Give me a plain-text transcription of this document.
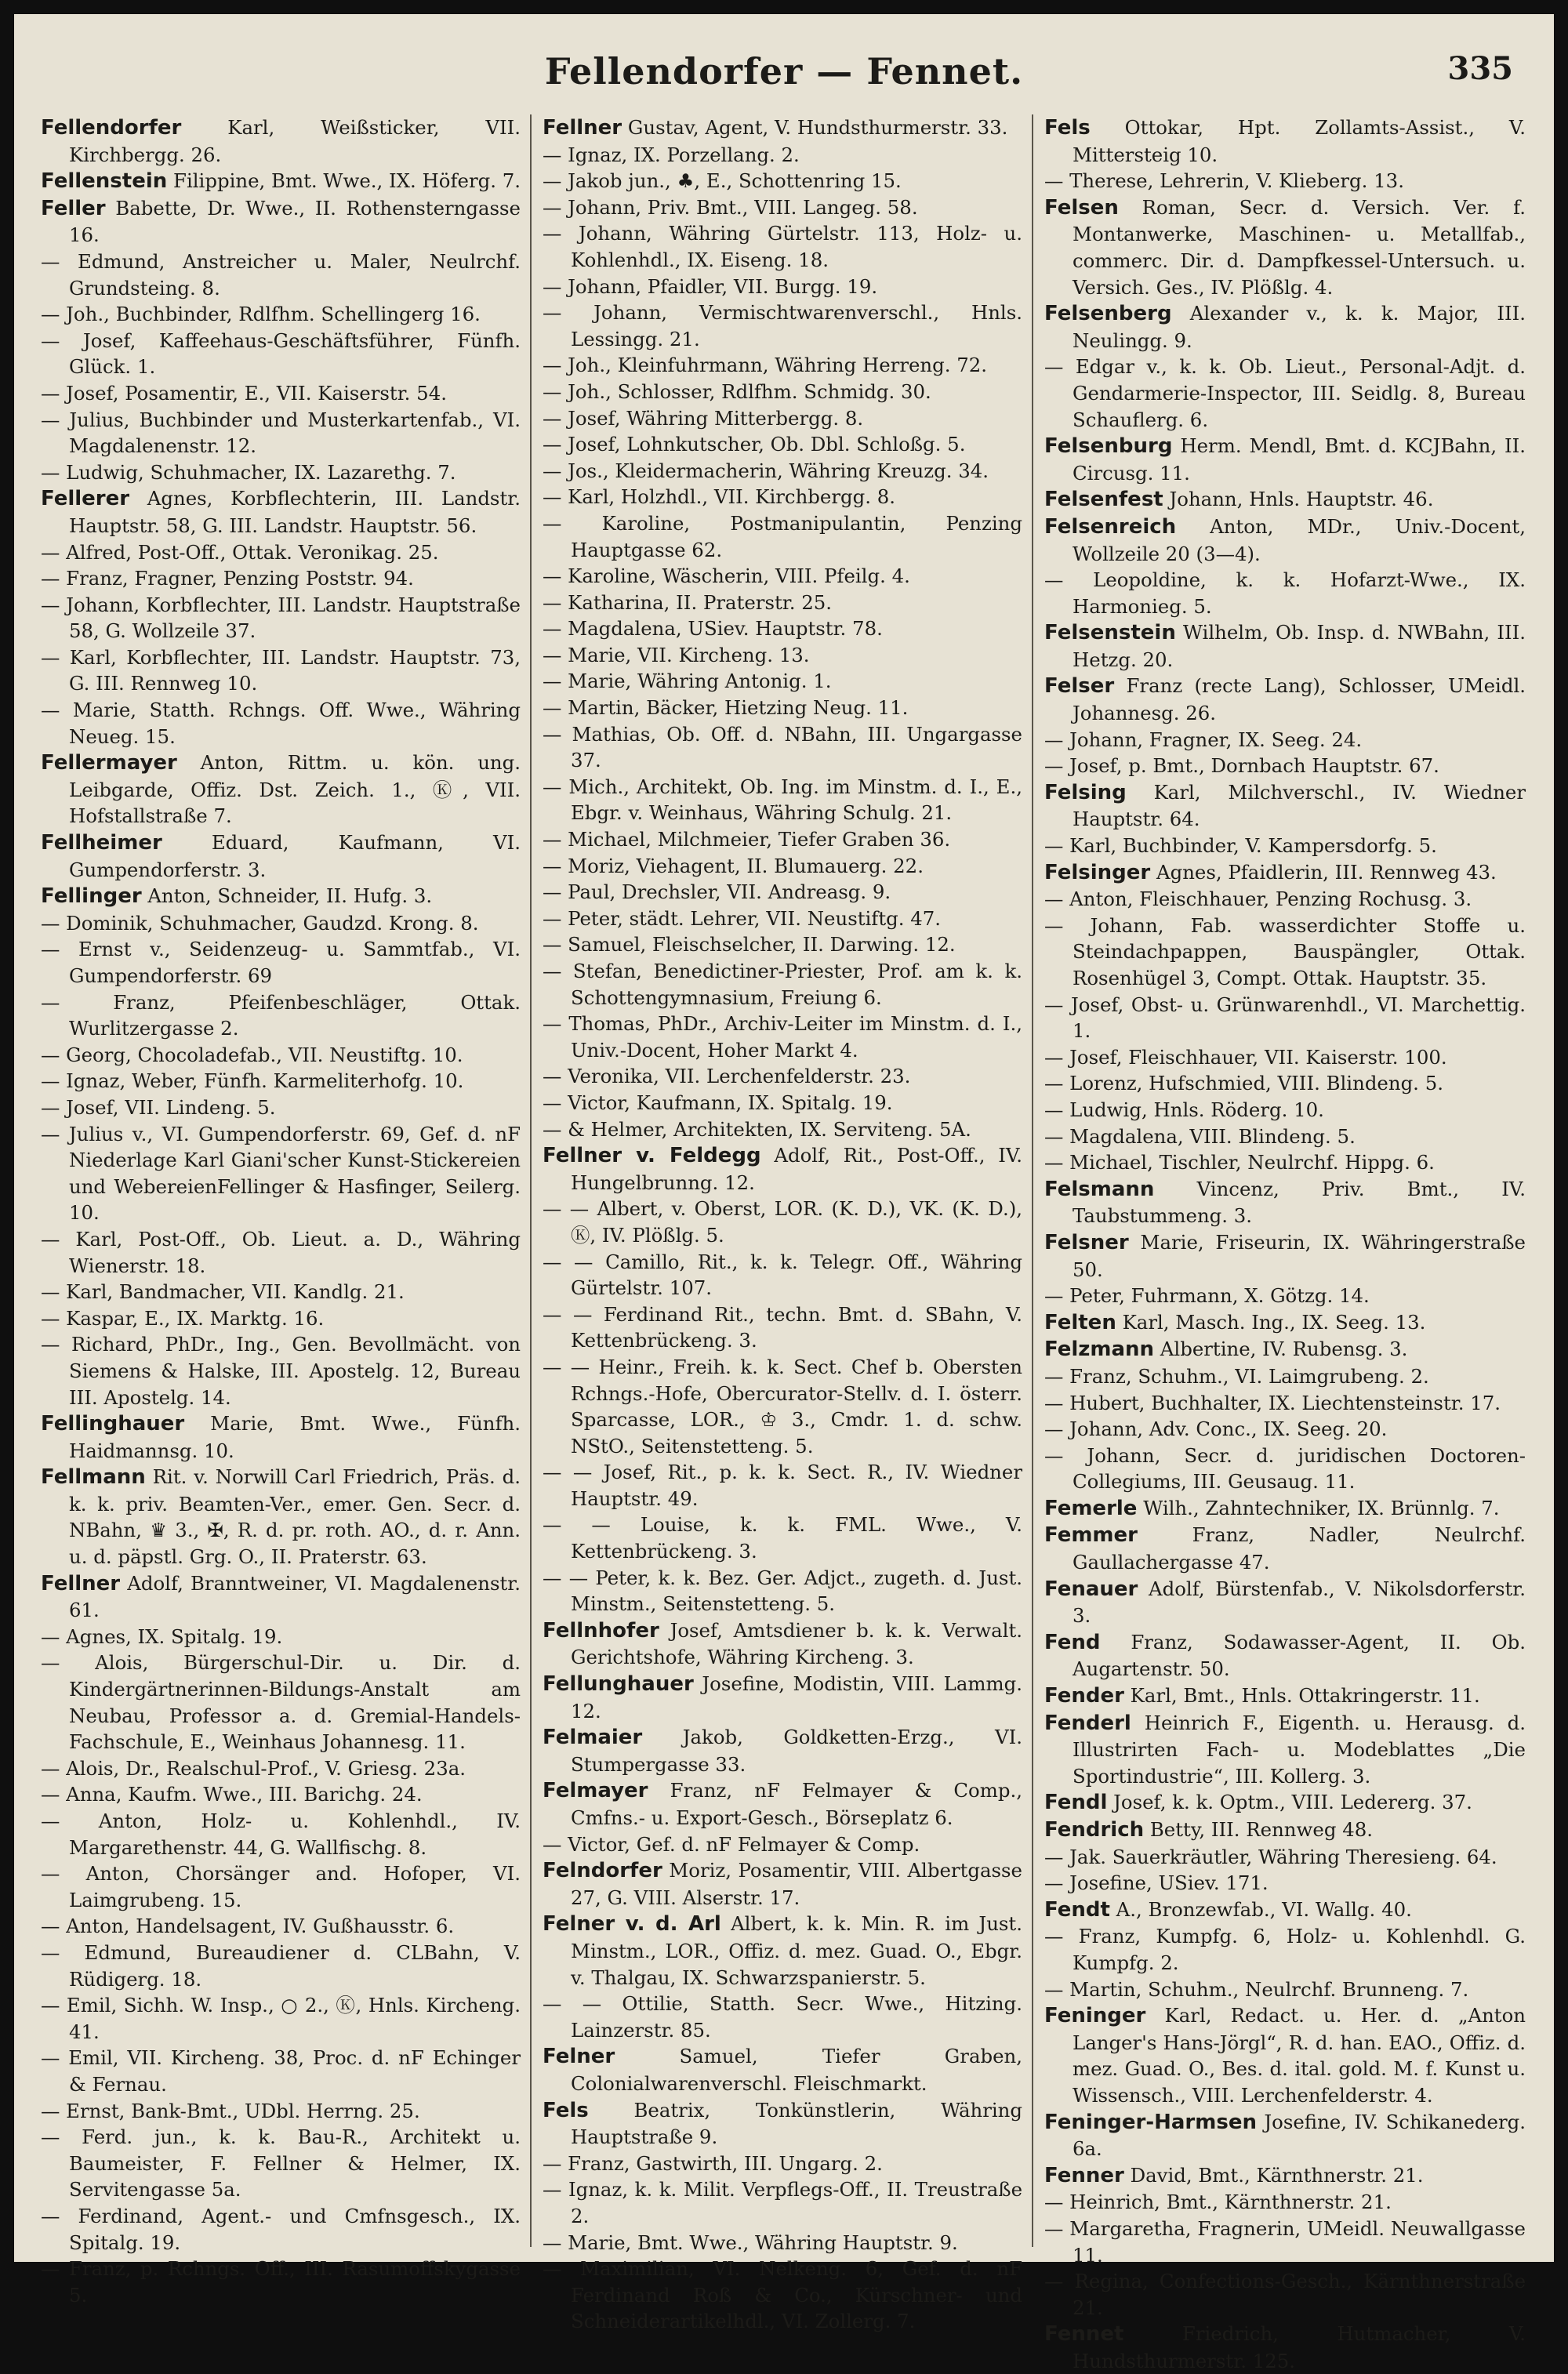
Fellendorfer — Fennet.	335
Fellendorfer Karl, Weißsticker, VII. Kirchbergg. 26.
Fellenstein Filippine, Bmt. Wwe., IX. Höferg. 7.
Feller Babette, Dr. Wwe., II. Rothensterngasse 16.
— Edmund, Anstreicher u. Maler, Neulrchf. Grundsteing. 8.
— Joh., Buchbinder, Rdlfhm. Schellingerg 16.
— Josef, Kaffeehaus-Geschäftsführer, Fünfh. Glück. 1.
— Josef, Posamentir, E., VII. Kaiserstr. 54.
— Julius, Buchbinder und Musterkartenfab., VI. Magdalenenstr. 12.
— Ludwig, Schuhmacher, IX. Lazarethg. 7.
Fellerer Agnes, Korbflechterin, III. Landstr. Hauptstr. 58, G. III. Landstr. Hauptstr. 56.
— Alfred, Post-Off., Ottak. Veronikag. 25.
— Franz, Fragner, Penzing Poststr. 94.
— Johann, Korbflechter, III. Landstr. Hauptstraße 58, G. Wollzeile 37.
— Karl, Korbflechter, III. Landstr. Hauptstr. 73, G. III. Rennweg 10.
— Marie, Statth. Rchngs. Off. Wwe., Währing Neueg. 15.
Fellermayer Anton, Rittm. u. kön. ung. Leibgarde, Offiz. Dst. Zeich. 1., Ⓚ, VII. Hofstallstraße 7.
Fellheimer Eduard, Kaufmann, VI. Gumpendorferstr. 3.
Fellinger Anton, Schneider, II. Hufg. 3.
— Dominik, Schuhmacher, Gaudzd. Krong. 8.
— Ernst v., Seidenzeug- u. Sammtfab., VI. Gumpendorferstr. 69
— Franz, Pfeifenbeschläger, Ottak. Wurlitzergasse 2.
— Georg, Chocoladefab., VII. Neustiftg. 10.
— Ignaz, Weber, Fünfh. Karmeliterhofg. 10.
— Josef, VII. Lindeng. 5.
— Julius v., VI. Gumpendorferstr. 69, Gef. d. nF Niederlage Karl Giani'scher Kunst-Stickereien und WebereienFellinger & Hasfinger, Seilerg. 10.
— Karl, Post-Off., Ob. Lieut. a. D., Währing Wienerstr. 18.
— Karl, Bandmacher, VII. Kandlg. 21.
— Kaspar, E., IX. Marktg. 16.
— Richard, PhDr., Ing., Gen. Bevollmächt. von Siemens & Halske, III. Apostelg. 12, Bureau III. Apostelg. 14.
Fellinghauer Marie, Bmt. Wwe., Fünfh. Haidmannsg. 10.
Fellmann Rit. v. Norwill Carl Friedrich, Präs. d. k. k. priv. Beamten-Ver., emer. Gen. Secr. d. NBahn, ♛ 3., ✠, R. d. pr. roth. AO., d. r. Ann. u. d. päpstl. Grg. O., II. Praterstr. 63.
Fellner Adolf, Branntweiner, VI. Magdalenenstr. 61.
— Agnes, IX. Spitalg. 19.
— Alois, Bürgerschul-Dir. u. Dir. d. Kindergärtnerinnen-Bildungs-Anstalt am Neubau, Professor a. d. Gremial-Handels-Fachschule, E., Weinhaus Johannesg. 11.
— Alois, Dr., Realschul-Prof., V. Griesg. 23a.
— Anna, Kaufm. Wwe., III. Barichg. 24.
— Anton, Holz- u. Kohlenhdl., IV. Margarethenstr. 44, G. Wallfischg. 8.
— Anton, Chorsänger and. Hofoper, VI. Laimgrubeng. 15.
— Anton, Handelsagent, IV. Gußhausstr. 6.
— Edmund, Bureaudiener d. CLBahn, V. Rüdigerg. 18.
— Emil, Sichh. W. Insp., ○ 2., Ⓚ, Hnls. Kircheng. 41.
— Emil, VII. Kircheng. 38, Proc. d. nF Echinger & Fernau.
— Ernst, Bank-Bmt., UDbl. Herrng. 25.
— Ferd. jun., k. k. Bau-R., Architekt u. Baumeister, F. Fellner & Helmer, IX. Servitengasse 5a.
— Ferdinand, Agent.- und Cmfnsgesch., IX. Spitalg. 19.
— Franz, p. Rchngs. Off., III. Rasumoffskygasse 5.
Fellner Gustav, Agent, V. Hundsthurmerstr. 33.
— Ignaz, IX. Porzellang. 2.
— Jakob jun., ♣, E., Schottenring 15.
— Johann, Priv. Bmt., VIII. Langeg. 58.
— Johann, Währing Gürtelstr. 113, Holz- u. Kohlenhdl., IX. Eiseng. 18.
— Johann, Pfaidler, VII. Burgg. 19.
— Johann, Vermischtwarenverschl., Hnls. Lessingg. 21.
— Joh., Kleinfuhrmann, Währing Herreng. 72.
— Joh., Schlosser, Rdlfhm. Schmidg. 30.
— Josef, Währing Mitterbergg. 8.
— Josef, Lohnkutscher, Ob. Dbl. Schloßg. 5.
— Jos., Kleidermacherin, Währing Kreuzg. 34.
— Karl, Holzhdl., VII. Kirchbergg. 8.
— Karoline, Postmanipulantin, Penzing Hauptgasse 62.
— Karoline, Wäscherin, VIII. Pfeilg. 4.
— Katharina, II. Praterstr. 25.
— Magdalena, USiev. Hauptstr. 78.
— Marie, VII. Kircheng. 13.
— Marie, Währing Antonig. 1.
— Martin, Bäcker, Hietzing Neug. 11.
— Mathias, Ob. Off. d. NBahn, III. Ungargasse 37.
— Mich., Architekt, Ob. Ing. im Minstm. d. I., E., Ebgr. v. Weinhaus, Währing Schulg. 21.
— Michael, Milchmeier, Tiefer Graben 36.
— Moriz, Viehagent, II. Blumauerg. 22.
— Paul, Drechsler, VII. Andreasg. 9.
— Peter, städt. Lehrer, VII. Neustiftg. 47.
— Samuel, Fleischselcher, II. Darwing. 12.
— Stefan, Benedictiner-Priester, Prof. am k. k. Schottengymnasium, Freiung 6.
— Thomas, PhDr., Archiv-Leiter im Minstm. d. I., Univ.-Docent, Hoher Markt 4.
— Veronika, VII. Lerchenfelderstr. 23.
— Victor, Kaufmann, IX. Spitalg. 19.
— & Helmer, Architekten, IX. Serviteng. 5A.
Fellner v. Feldegg Adolf, Rit., Post-Off., IV. Hungelbrunng. 12.
— — Albert, v. Oberst, LOR. (K. D.), VK. (K. D.), Ⓚ, IV. Plößlg. 5.
— — Camillo, Rit., k. k. Telegr. Off., Währing Gürtelstr. 107.
— — Ferdinand Rit., techn. Bmt. d. SBahn, V. Kettenbrückeng. 3.
— — Heinr., Freih. k. k. Sect. Chef b. Obersten Rchngs.-Hofe, Obercurator-Stellv. d. I. österr. Sparcasse, LOR., ♔ 3., Cmdr. 1. d. schw. NStO., Seitenstetteng. 5.
— — Josef, Rit., p. k. k. Sect. R., IV. Wiedner Hauptstr. 49.
— — Louise, k. k. FML. Wwe., V. Kettenbrückeng. 3.
— — Peter, k. k. Bez. Ger. Adjct., zugeth. d. Just. Minstm., Seitenstetteng. 5.
Fellnhofer Josef, Amtsdiener b. k. k. Verwalt. Gerichtshofe, Währing Kircheng. 3.
Fellunghauer Josefine, Modistin, VIII. Lammg. 12.
Felmaier Jakob, Goldketten-Erzg., VI. Stumpergasse 33.
Felmayer Franz, nF Felmayer & Comp., Cmfns.- u. Export-Gesch., Börseplatz 6.
— Victor, Gef. d. nF Felmayer & Comp.
Felndorfer Moriz, Posamentir, VIII. Albertgasse 27, G. VIII. Alserstr. 17.
Felner v. d. Arl Albert, k. k. Min. R. im Just. Minstm., LOR., Offiz. d. mez. Guad. O., Ebgr. v. Thalgau, IX. Schwarzspanierstr. 5.
— — Ottilie, Statth. Secr. Wwe., Hitzing. Lainzerstr. 85.
Felner Samuel, Tiefer Graben, Colonialwarenverschl. Fleischmarkt.
Fels Beatrix, Tonkünstlerin, Währing Hauptstraße 9.
— Franz, Gastwirth, III. Ungarg. 2.
— Ignaz, k. k. Milit. Verpflegs-Off., II. Treustraße 2.
— Marie, Bmt. Wwe., Währing Hauptstr. 9.
— Maximilian, VI. Nelkeng. 6, Gef. d. nF Ferdinand Roß & Co., Kürschner- und Schneiderartikelhdl., VI. Zollerg. 7.
Fels Ottokar, Hpt. Zollamts-Assist., V. Mittersteig 10.
— Therese, Lehrerin, V. Klieberg. 13.
Felsen Roman, Secr. d. Versich. Ver. f. Montanwerke, Maschinen- u. Metallfab., commerc. Dir. d. Dampfkessel-Untersuch. u. Versich. Ges., IV. Plößlg. 4.
Felsenberg Alexander v., k. k. Major, III. Neulingg. 9.
— Edgar v., k. k. Ob. Lieut., Personal-Adjt. d. Gendarmerie-Inspector, III. Seidlg. 8, Bureau Schauflerg. 6.
Felsenburg Herm. Mendl, Bmt. d. KCJBahn, II. Circusg. 11.
Felsenfest Johann, Hnls. Hauptstr. 46.
Felsenreich Anton, MDr., Univ.-Docent, Wollzeile 20 (3—4).
— Leopoldine, k. k. Hofarzt-Wwe., IX. Harmonieg. 5.
Felsenstein Wilhelm, Ob. Insp. d. NWBahn, III. Hetzg. 20.
Felser Franz (recte Lang), Schlosser, UMeidl. Johannesg. 26.
— Johann, Fragner, IX. Seeg. 24.
— Josef, p. Bmt., Dornbach Hauptstr. 67.
Felsing Karl, Milchverschl., IV. Wiedner Hauptstr. 64.
— Karl, Buchbinder, V. Kampersdorfg. 5.
Felsinger Agnes, Pfaidlerin, III. Rennweg 43.
— Anton, Fleischhauer, Penzing Rochusg. 3.
— Johann, Fab. wasserdichter Stoffe u. Steindachpappen, Bauspängler, Ottak. Rosenhügel 3, Compt. Ottak. Hauptstr. 35.
— Josef, Obst- u. Grünwarenhdl., VI. Marchettig. 1.
— Josef, Fleischhauer, VII. Kaiserstr. 100.
— Lorenz, Hufschmied, VIII. Blindeng. 5.
— Ludwig, Hnls. Röderg. 10.
— Magdalena, VIII. Blindeng. 5.
— Michael, Tischler, Neulrchf. Hippg. 6.
Felsmann Vincenz, Priv. Bmt., IV. Taubstummeng. 3.
Felsner Marie, Friseurin, IX. Währingerstraße 50.
— Peter, Fuhrmann, X. Götzg. 14.
Felten Karl, Masch. Ing., IX. Seeg. 13.
Felzmann Albertine, IV. Rubensg. 3.
— Franz, Schuhm., VI. Laimgrubeng. 2.
— Hubert, Buchhalter, IX. Liechtensteinstr. 17.
— Johann, Adv. Conc., IX. Seeg. 20.
— Johann, Secr. d. juridischen Doctoren-Collegiums, III. Geusaug. 11.
Femerle Wilh., Zahntechniker, IX. Brünnlg. 7.
Femmer Franz, Nadler, Neulrchf. Gaullachergasse 47.
Fenauer Adolf, Bürstenfab., V. Nikolsdorferstr. 3.
Fend Franz, Sodawasser-Agent, II. Ob. Augartenstr. 50.
Fender Karl, Bmt., Hnls. Ottakringerstr. 11.
Fenderl Heinrich F., Eigenth. u. Herausg. d. Illustrirten Fach- u. Modeblattes „Die Sportindustrie“, III. Kollerg. 3.
Fendl Josef, k. k. Optm., VIII. Ledererg. 37.
Fendrich Betty, III. Rennweg 48.
— Jak. Sauerkräutler, Währing Theresieng. 64.
— Josefine, USiev. 171.
Fendt A., Bronzewfab., VI. Wallg. 40.
— Franz, Kumpfg. 6, Holz- u. Kohlenhdl. G. Kumpfg. 2.
— Martin, Schuhm., Neulrchf. Brunneng. 7.
Feninger Karl, Redact. u. Her. d. „Anton Langer's Hans-Jörgl“, R. d. han. EAO., Offiz. d. mez. Guad. O., Bes. d. ital. gold. M. f. Kunst u. Wissensch., VIII. Lerchenfelderstr. 4.
Feninger-Harmsen Josefine, IV. Schikanederg. 6a.
Fenner David, Bmt., Kärnthnerstr. 21.
— Heinrich, Bmt., Kärnthnerstr. 21.
— Margaretha, Fragnerin, UMeidl. Neuwallgasse 11.
— Regina, Confections-Gesch., Kärnthnerstraße 21.
Fennet Friedrich, Hutmacher, V. Hundsthurmerstr. 125.
